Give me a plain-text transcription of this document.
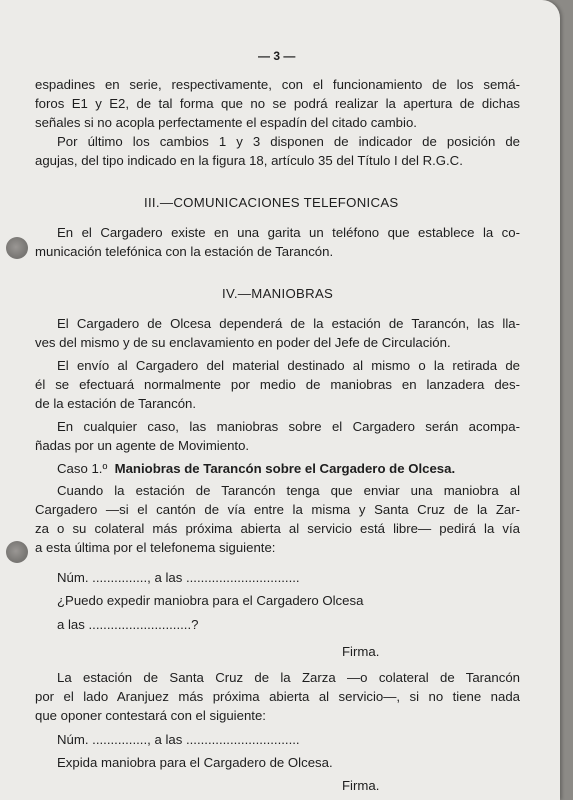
— 3 —

espadines en serie, respectivamente, con el funcionamiento de los semá-

foros E1 y E2, de tal forma que no se podrá realizar la apertura de dichas

señales si no acopla perfectamente el espadín del citado cambio.

Por último los cambios 1 y 3 disponen de indicador de posición de

agujas, del tipo indicado en la figura 18, artículo 35 del Título I del R.G.C.

III.—COMUNICACIONES TELEFONICAS

En el Cargadero existe en una garita un teléfono que establece la co-

municación telefónica con la estación de Tarancón.

IV.—MANIOBRAS

El Cargadero de Olcesa dependerá de la estación de Tarancón, las lla-

ves del mismo y de su enclavamiento en poder del Jefe de Circulación.

El envío al Cargadero del material destinado al mismo o la retirada de

él se efectuará normalmente por medio de maniobras en lanzadera des-

de la estación de Tarancón.

En cualquier caso, las maniobras sobre el Cargadero serán acompa-

ñadas por un agente de Movimiento.

Caso 1.º Maniobras de Tarancón sobre el Cargadero de Olcesa.

Cuando la estación de Tarancón tenga que enviar una maniobra al

Cargadero —si el cantón de vía entre la misma y Santa Cruz de la Zar-

za o su colateral más próxima abierta al servicio está libre— pedirá la vía

a esta última por el telefonema siguiente:

Núm. ..............., a las ...............................

¿Puedo expedir maniobra para el Cargadero Olcesa

a las ............................?

Firma.

La estación de Santa Cruz de la Zarza —o colateral de Tarancón

por el lado Aranjuez más próxima abierta al servicio—, si no tiene nada

que oponer contestará con el siguiente:

Núm. ..............., a las ...............................

Expida maniobra para el Cargadero de Olcesa.

Firma.
